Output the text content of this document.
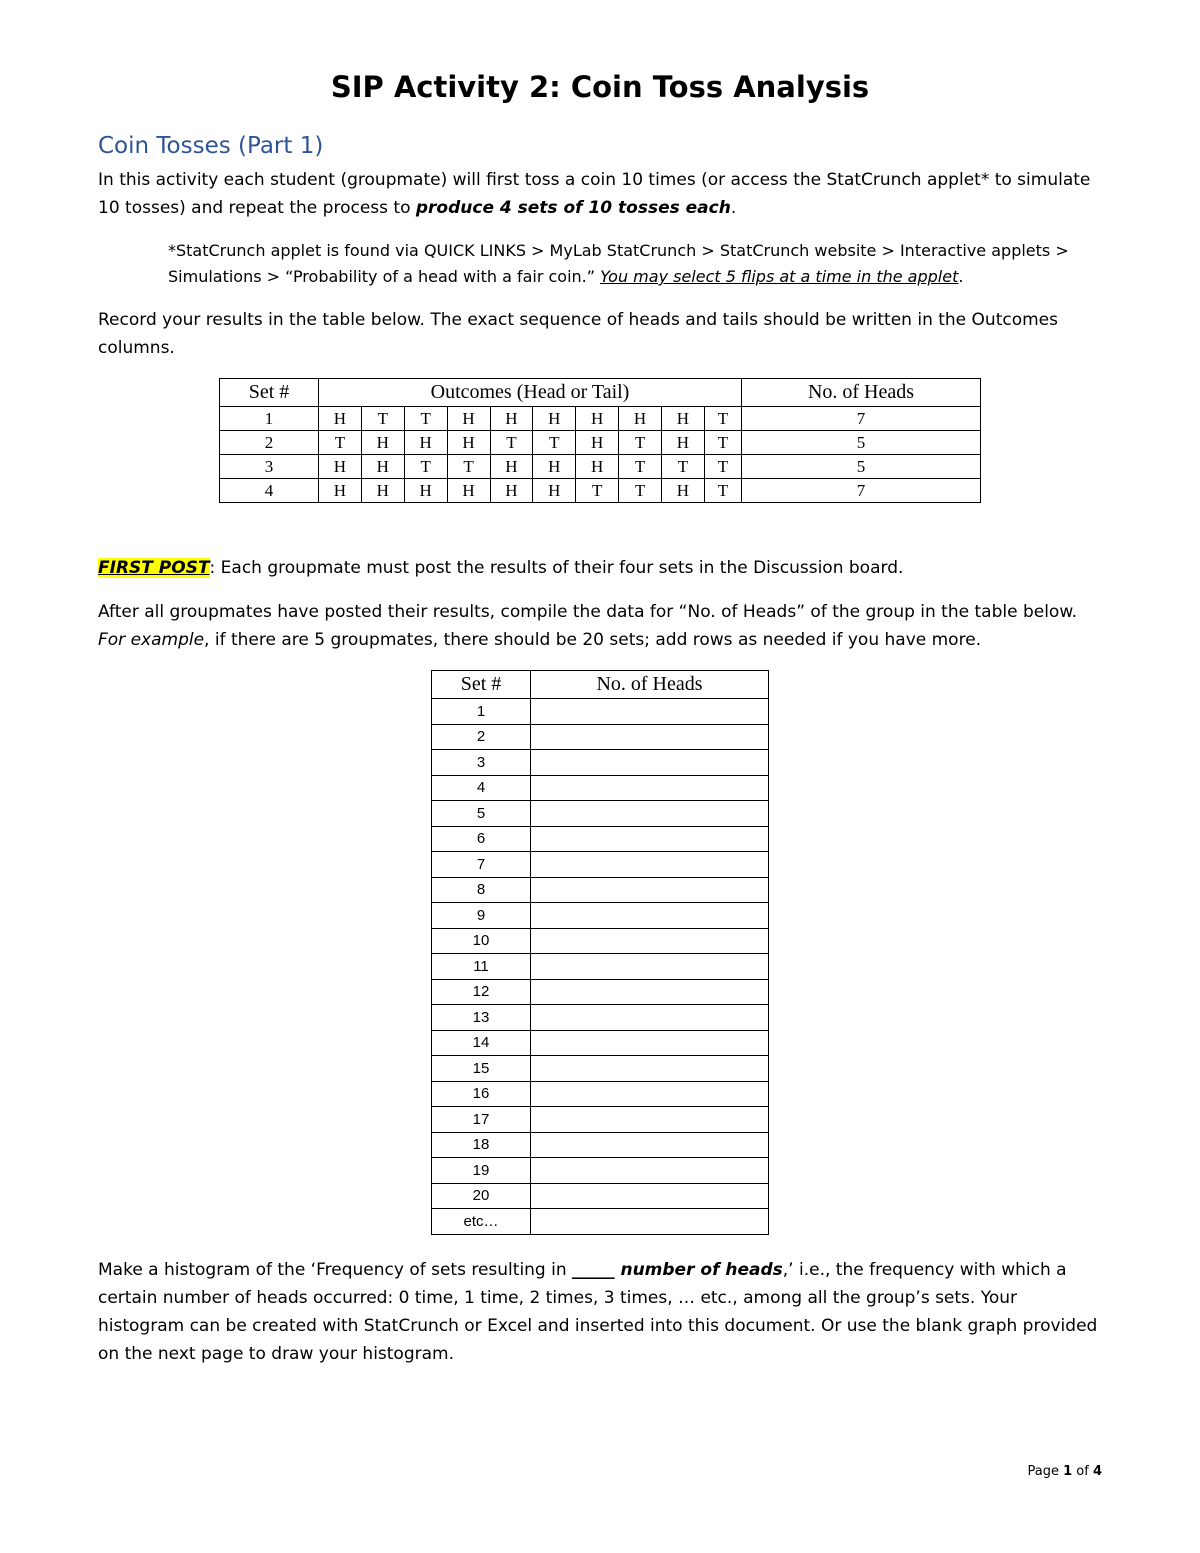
SIP Activity 2: Coin Toss Analysis
Coin Tosses (Part 1)
In this activity each student (groupmate) will first toss a coin 10 times (or access the StatCrunch applet* to simulate 10 tosses) and repeat the process to produce 4 sets of 10 tosses each.
*StatCrunch applet is found via QUICK LINKS > MyLab StatCrunch > StatCrunch website > Interactive applets > Simulations > “Probability of a head with a fair coin.” You may select 5 flips at a time in the applet.
Record your results in the table below. The exact sequence of heads and tails should be written in the Outcomes columns.
Set #	Outcomes (Head or Tail)										No. of Heads
1	H	T	T	H	H	H	H	H	H	T	7
2	T	H	H	H	T	T	H	T	H	T	5
3	H	H	T	T	H	H	H	T	T	T	5
4	H	H	H	H	H	H	T	T	H	T	7
FIRST POST: Each groupmate must post the results of their four sets in the Discussion board.
After all groupmates have posted their results, compile the data for “No. of Heads” of the group in the table below. For example, if there are 5 groupmates, there should be 20 sets; add rows as needed if you have more.
Set #	No. of Heads
1	
2	
3	
4	
5	
6	
7	
8	
9	
10	
11	
12	
13	
14	
15	
16	
17	
18	
19	
20	
etc…	
Make a histogram of the ‘Frequency of sets resulting in _____ number of heads,’ i.e., the frequency with which a certain number of heads occurred: 0 time, 1 time, 2 times, 3 times, … etc., among all the group’s sets. Your histogram can be created with StatCrunch or Excel and inserted into this document. Or use the blank graph provided on the next page to draw your histogram.
Page 1 of 4
